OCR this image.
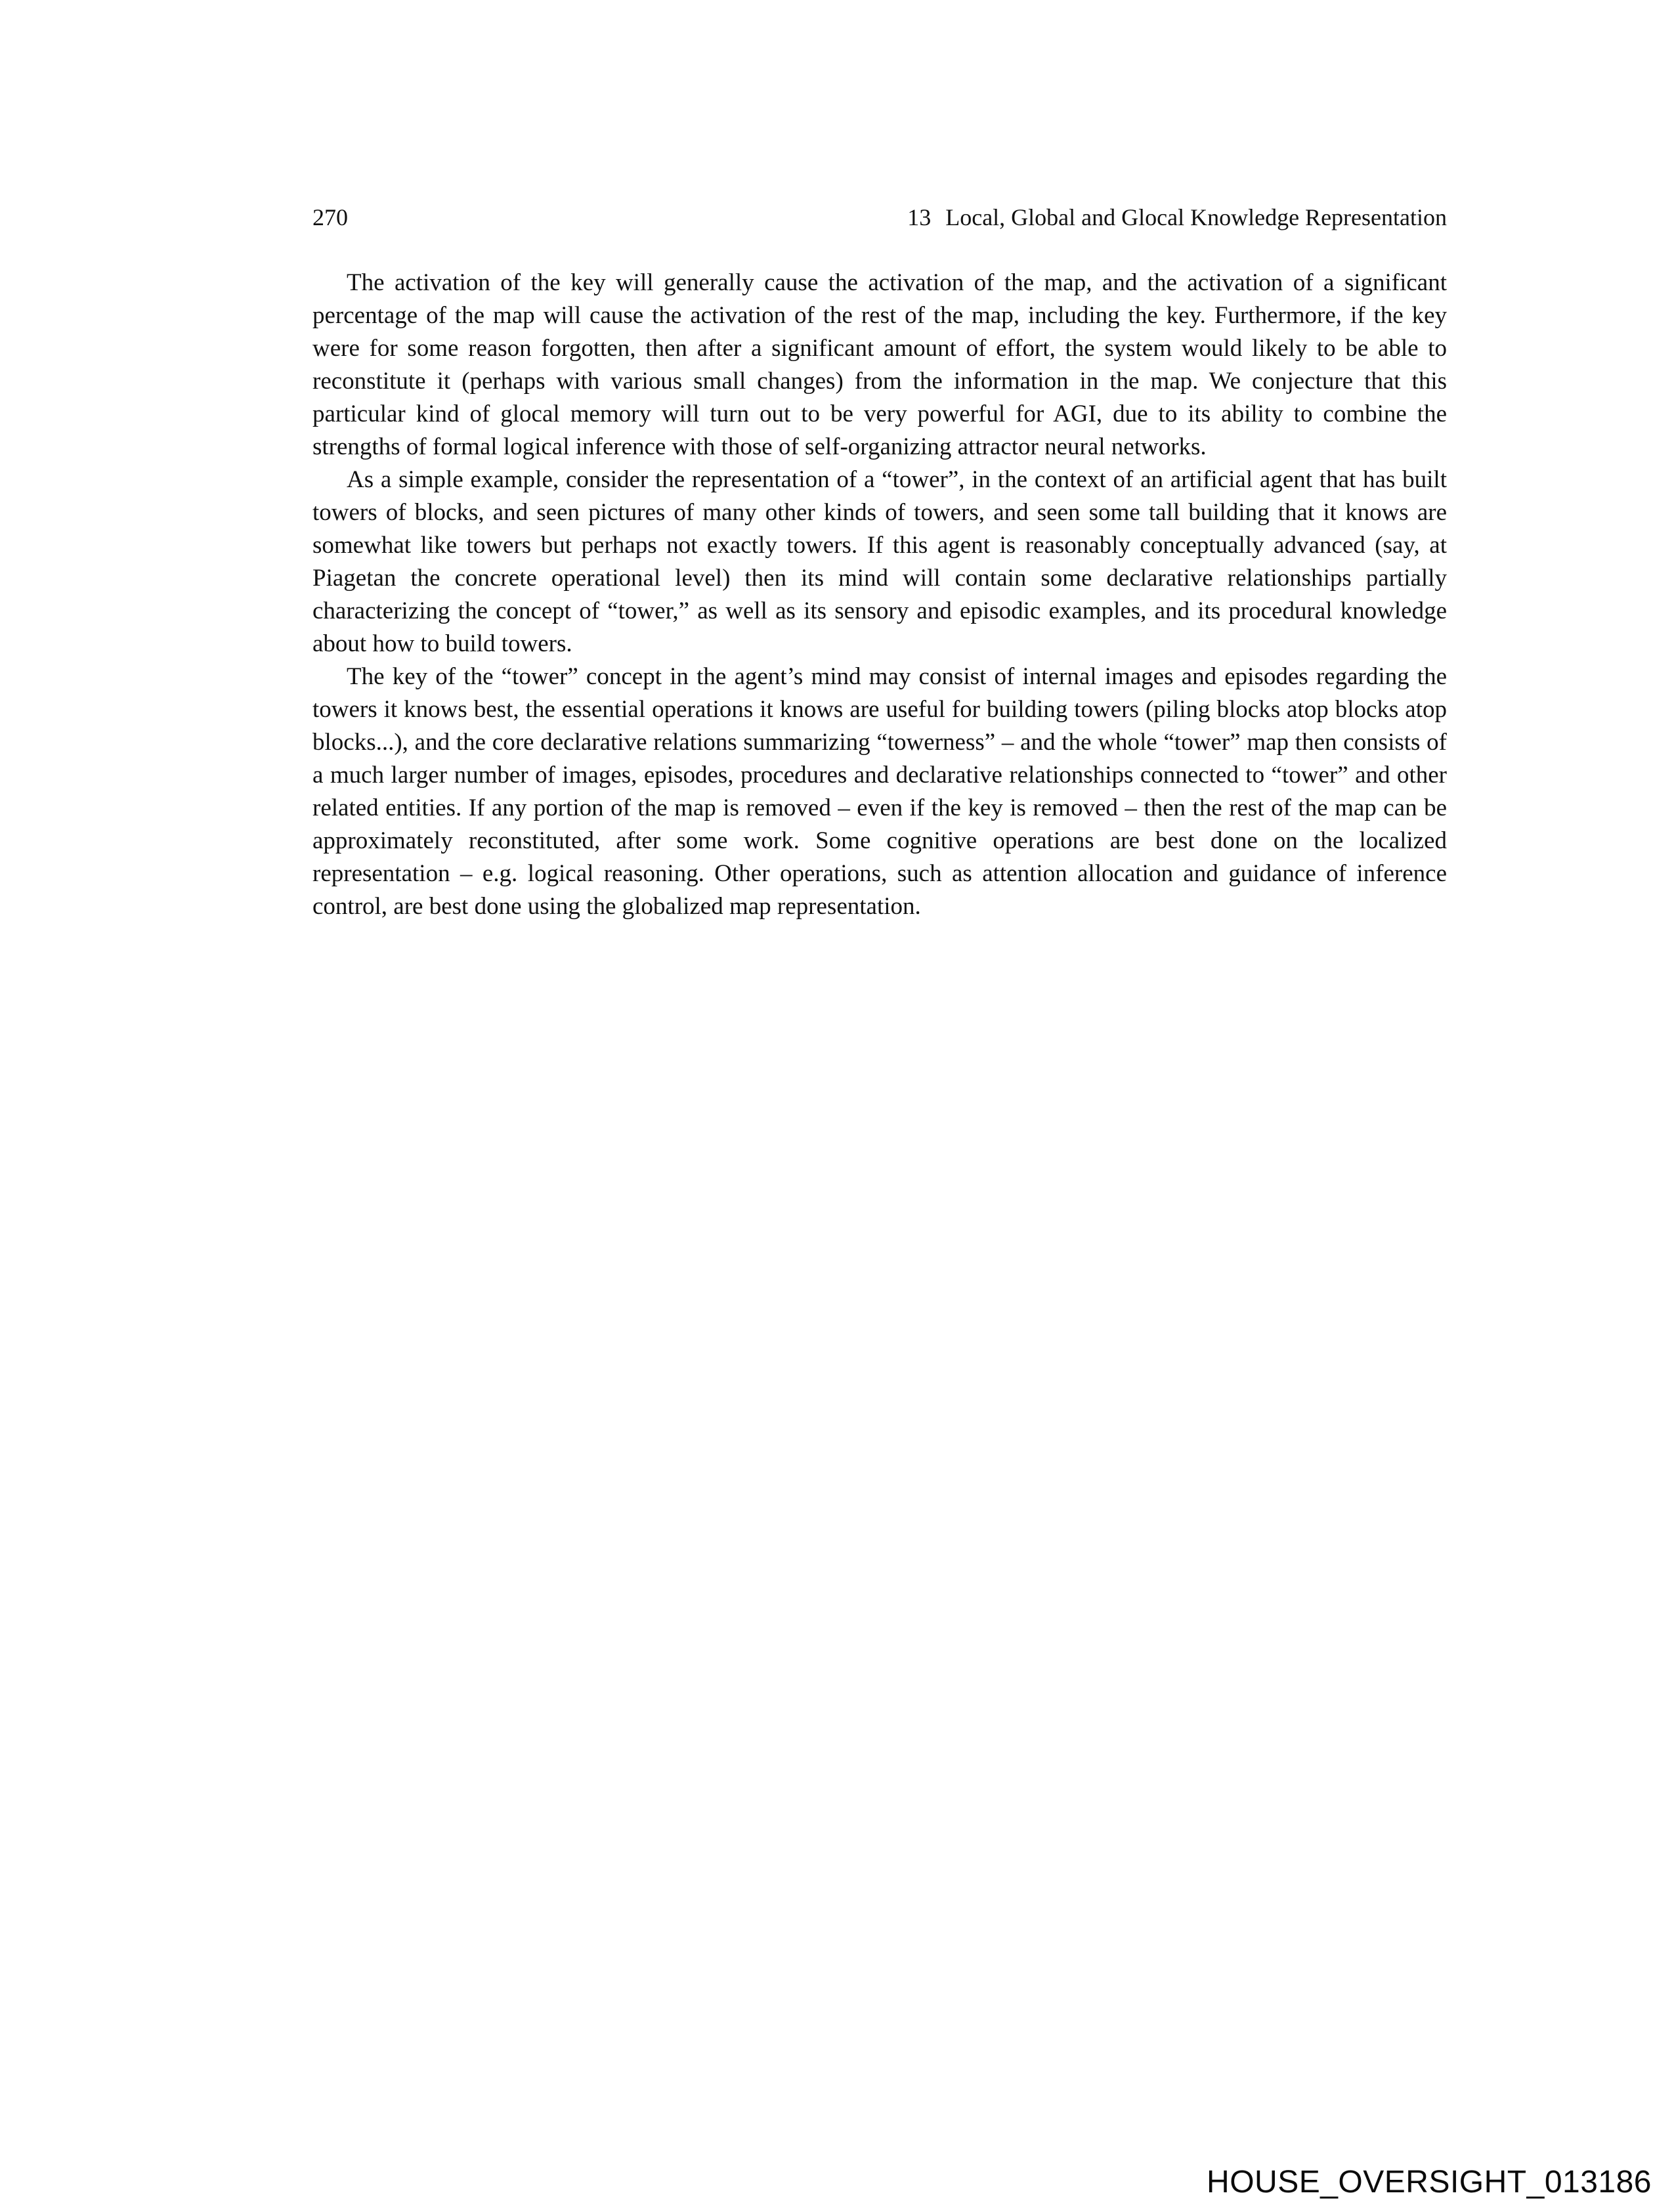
270	13 Local, Global and Glocal Knowledge Representation

The activation of the key will generally cause the activation of the map, and the activation of a significant percentage of the map will cause the activation of the rest of the map, including the key. Furthermore, if the key were for some reason forgotten, then after a significant amount of effort, the system would likely to be able to reconstitute it (perhaps with various small changes) from the information in the map. We conjecture that this particular kind of glocal memory will turn out to be very powerful for AGI, due to its ability to combine the strengths of formal logical inference with those of self-organizing attractor neural networks.

As a simple example, consider the representation of a “tower”, in the context of an artificial agent that has built towers of blocks, and seen pictures of many other kinds of towers, and seen some tall building that it knows are somewhat like towers but perhaps not exactly towers. If this agent is reasonably conceptually advanced (say, at Piagetan the concrete operational level) then its mind will contain some declarative relationships partially characterizing the concept of “tower,” as well as its sensory and episodic examples, and its procedural knowledge about how to build towers.

The key of the “tower” concept in the agent’s mind may consist of internal images and episodes regarding the towers it knows best, the essential operations it knows are useful for building towers (piling blocks atop blocks atop blocks...), and the core declarative relations summarizing “towerness” – and the whole “tower” map then consists of a much larger number of images, episodes, procedures and declarative relationships connected to “tower” and other related entities. If any portion of the map is removed – even if the key is removed – then the rest of the map can be approximately reconstituted, after some work. Some cognitive operations are best done on the localized representation – e.g. logical reasoning. Other operations, such as attention allocation and guidance of inference control, are best done using the globalized map representation.

HOUSE_OVERSIGHT_013186
